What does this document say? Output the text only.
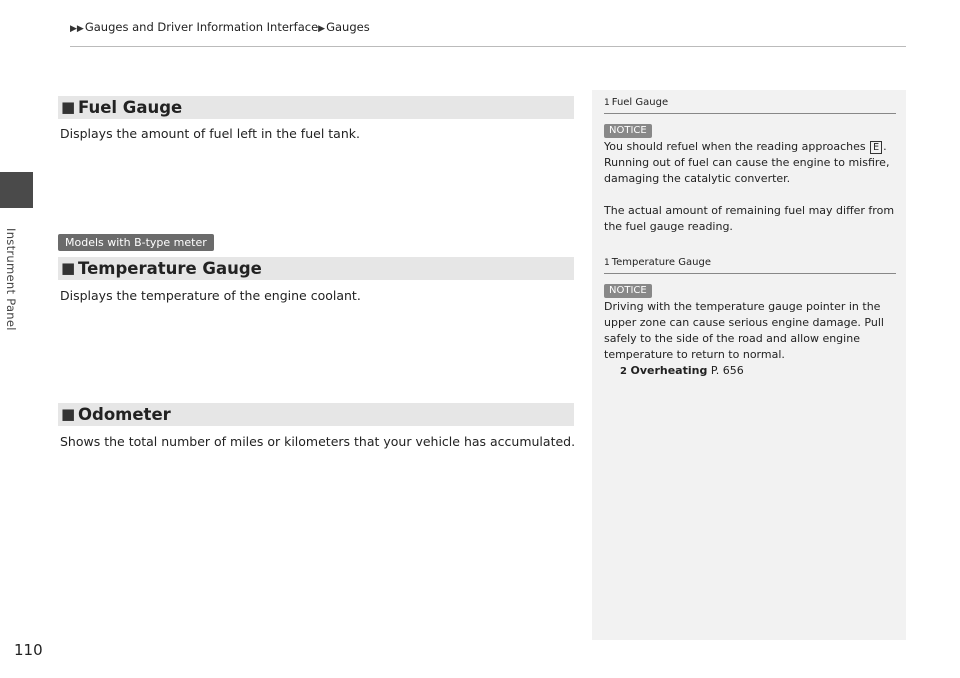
Instrument Panel
▶▶Gauges and Driver Information Interface▶Gauges
■ Fuel Gauge
Displays the amount of fuel left in the fuel tank.
Models with B-type meter
■ Temperature Gauge
Displays the temperature of the engine coolant.
■ Odometer
Shows the total number of miles or kilometers that your vehicle has accumulated.
1 Fuel Gauge
NOTICE

You should refuel when the reading approaches E .

Running out of fuel can cause the engine to misfire,

damaging the catalytic converter.

The actual amount of remaining fuel may differ from

the fuel gauge reading.

1 Temperature Gauge
NOTICE

Driving with the temperature gauge pointer in the

upper zone can cause serious engine damage. Pull

safely to the side of the road and allow engine

temperature to return to normal.

2 Overheating P. 656

110
